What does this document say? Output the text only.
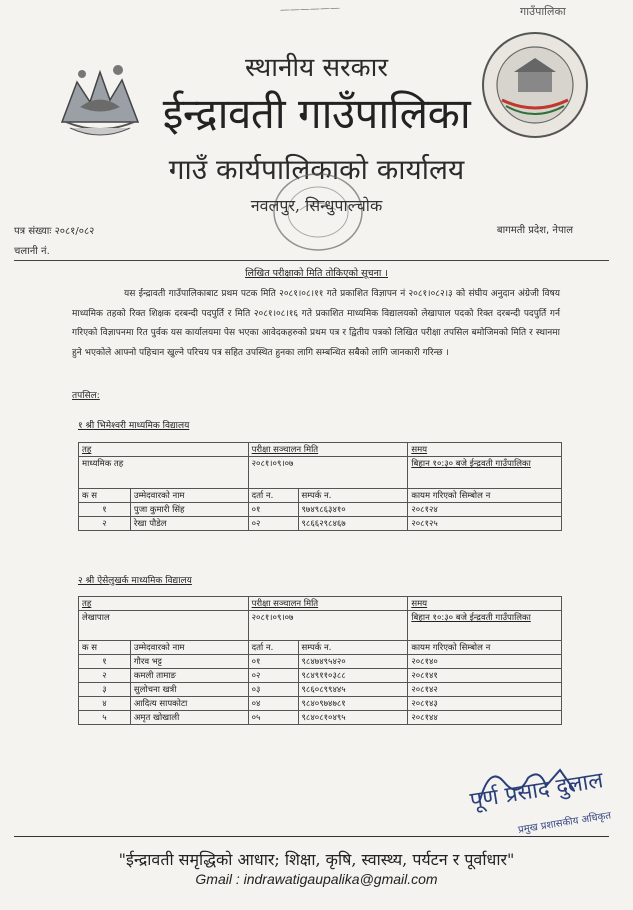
——————	गाउँपालिका
स्थानीय सरकार
ईन्द्रावती गाउँपालिका
गाउँ कार्यपालिकाको कार्यालय
नवलपुर, सिन्धुपाल्चोक
पत्र संख्याः २०८१/०८२
चलानी नं.
बागमती प्रदेश, नेपाल
लिखित परीक्षाको मिति तोकिएको सूचना ।
यस ईन्द्रावती गाउँपालिकाबाट प्रथम पटक मिति २०८१।०८।११ गते प्रकाशित विज्ञापन नं २०८१।०८२।३ को संघीय अनुदान अंग्रेजी विषय माध्यमिक तहको रिक्त शिक्षक दरबन्दी पदपुर्ति र मिति २०८१।०८।१६ गते प्रकाशित माध्यमिक विद्यालयको लेखापाल पदको रिक्त दरबन्दी पदपुर्ति गर्न गरिएको विज्ञापनमा रित पुर्वक यस कार्यालयमा पेस भएका आवेदकहरुको प्रथम पत्र र द्वितीय पत्रको लिखित परीक्षा तपसिल बमोजिमको मिति र स्थानमा हुने भएकोले आफ्नो पहिचान खुल्ने परिचय पत्र सहित उपस्थित हुनका लागि सम्बन्धित सबैको लागि जानकारी गरिन्छ ।
तपसिल:
१ श्री भिमेश्वरी माध्यमिक विद्यालय
तह		परीक्षा सञ्चालन मिति		समय
माध्यमिक तह		२०८१।०९।०७		बिहान १०:३० बजे ईन्द्रवती गाउँपालिका
क स	उम्मेदवारको नाम	दर्ता न.	सम्पर्क न.	कायम गरिएको सिम्बोल न
१	पुजा कुमारी सिंह	०१	९७४९८६३४१०	२०८१२४
२	रेखा पौडेल	०२	९८६६२९८४६७	२०८१२५
२ श्री ऐसेलुखर्क माध्यमिक विद्यालय
तह		परीक्षा सञ्चालन मिति		समय
लेखापाल		२०८१।०९।०७		बिहान १०:३० बजे ईन्द्रवती गाउँपालिका
क स	उम्मेदवारको नाम	दर्ता न.	सम्पर्क न.	कायम गरिएको सिम्बोल न
१	गौरव भट्ट	०१	९८४७४९५४२०	२०८१४०
२	कमली तामाङ	०२	९८४९११०३८८	२०८१४१
३	सुलोचना खत्री	०३	९८६०८९९४४५	२०८१४२
४	आदित्य सापकोटा	०४	९८४०९७४७८१	२०८१४३
५	अमृत खोखाली	०५	९८४०८१०४९५	२०८१४४
पूर्ण प्रसाद दुलाल
प्रमुख प्रशासकीय अधिकृत
"ईन्द्रावती समृद्धिको आधार; शिक्षा, कृषि, स्वास्थ्य, पर्यटन र पूर्वाधार"
Gmail : indrawatigaupalika@gmail.com
